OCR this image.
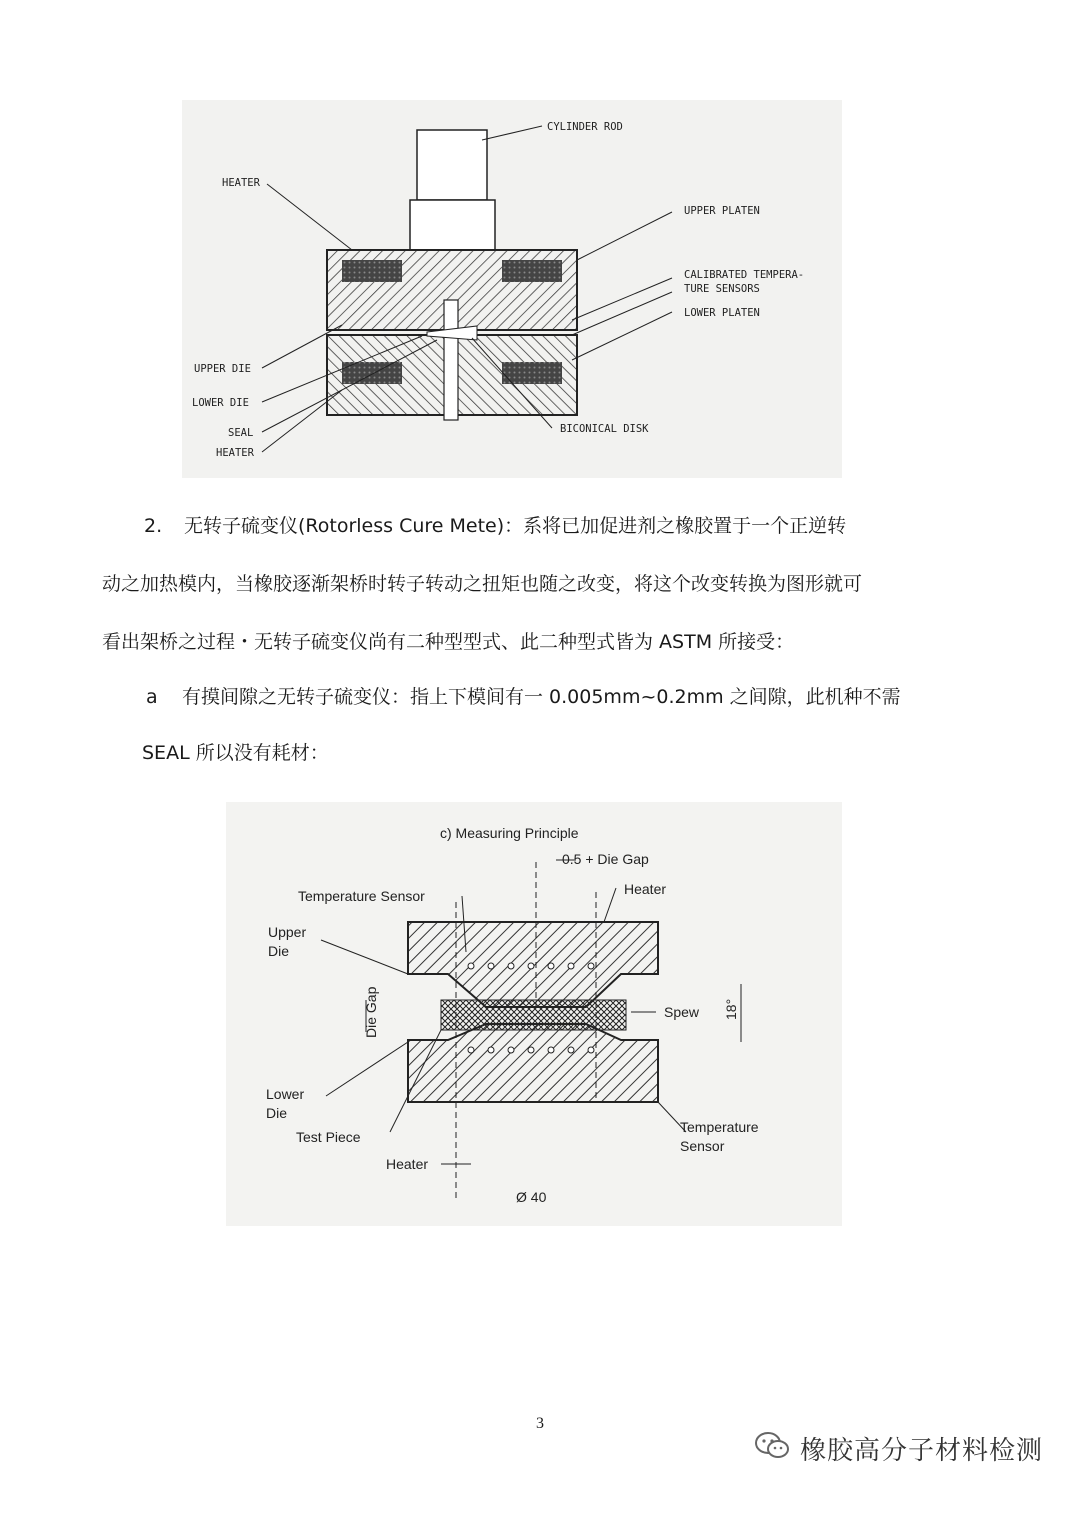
CYLINDER ROD
HEATER
UPPER PLATEN
CALIBRATED TEMPERA-
TURE SENSORS
LOWER PLATEN
UPPER DIE
LOWER DIE
SEAL
HEATER
BICONICAL DISK

2. 无转子硫变仪(Rotorless Cure Mete)：系将已加促进剂之橡胶置于一个正逆转

动之加热模内，当橡胶逐渐架桥时转子转动之扭矩也随之改变，将这个改变转换为图形就可

看出架桥之过程・无转子硫变仪尚有二种型型式、此二种型式皆为 ASTM 所接受：

a 有摸间隙之无转子硫变仪：指上下模间有一 0.005mm~0.2mm 之间隙，此机种不需

SEAL 所以没有耗材：

c) Measuring Principle
0.5 + Die Gap
Temperature Sensor	Heater
Upper
Die
Die Gap	Spew 18°
Lower
Die
Test Piece
Temperature
Sensor
Heater
Ø 40
3
橡胶高分子材料检测
